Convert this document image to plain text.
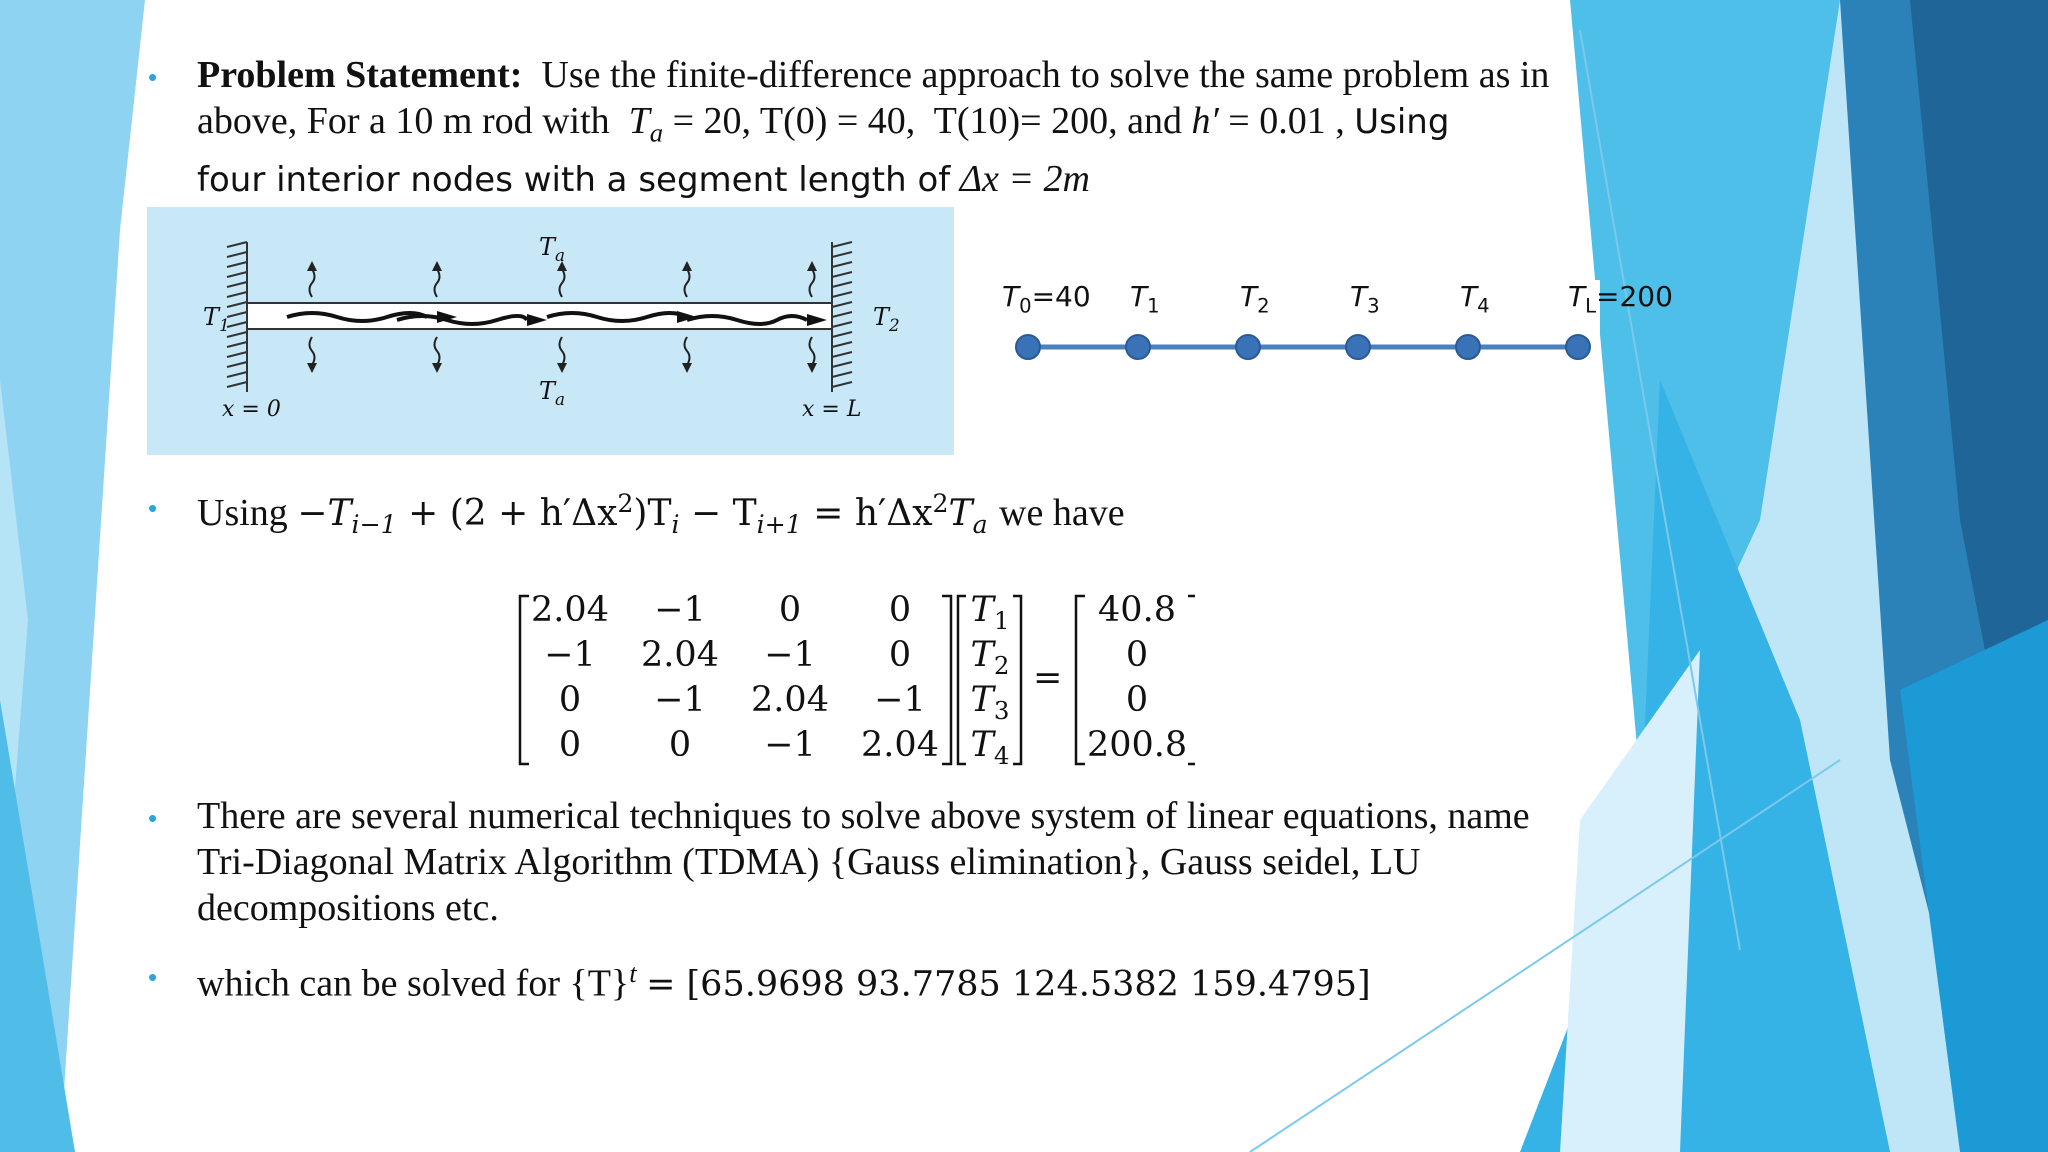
• Problem Statement: Use the finite-difference approach to solve the same problem as in
above, For a 10 m rod with $T_a = 20$, T(0) = 40, T(10)= 200, and h′ = 0.01 , Using
four interior nodes with a segment length of Δx = 2m
$T_a$
$T_a$
$T_1$	$T_2$
x = 0	x = L
$T_0=40$ $T_1$	$T_2$	$T_3$	$T_4$	$T_L=200$
• $Using -T_{i-1} + (2 + h'\Delta x^2)T_i - T_{i+1} = h'\Delta x^2T_a$ we have
2.04	−1	0	0
−1	2.04	−1	0
0	−1	2.04	−1
0	0	−1	2.04
$T_1$
$T_2$
$T_3$
$T_4$
=
40.8
0
0
200.8
• There are several numerical techniques to solve above system of linear equations, name
Tri-Diagonal Matrix Algorithm (TDMA) {Gauss elimination}, Gauss seidel, LU
decompositions etc.
• which can be solved for $\{T\}^t = [65.9698$ 93.7785 124.5382 159.4795]
